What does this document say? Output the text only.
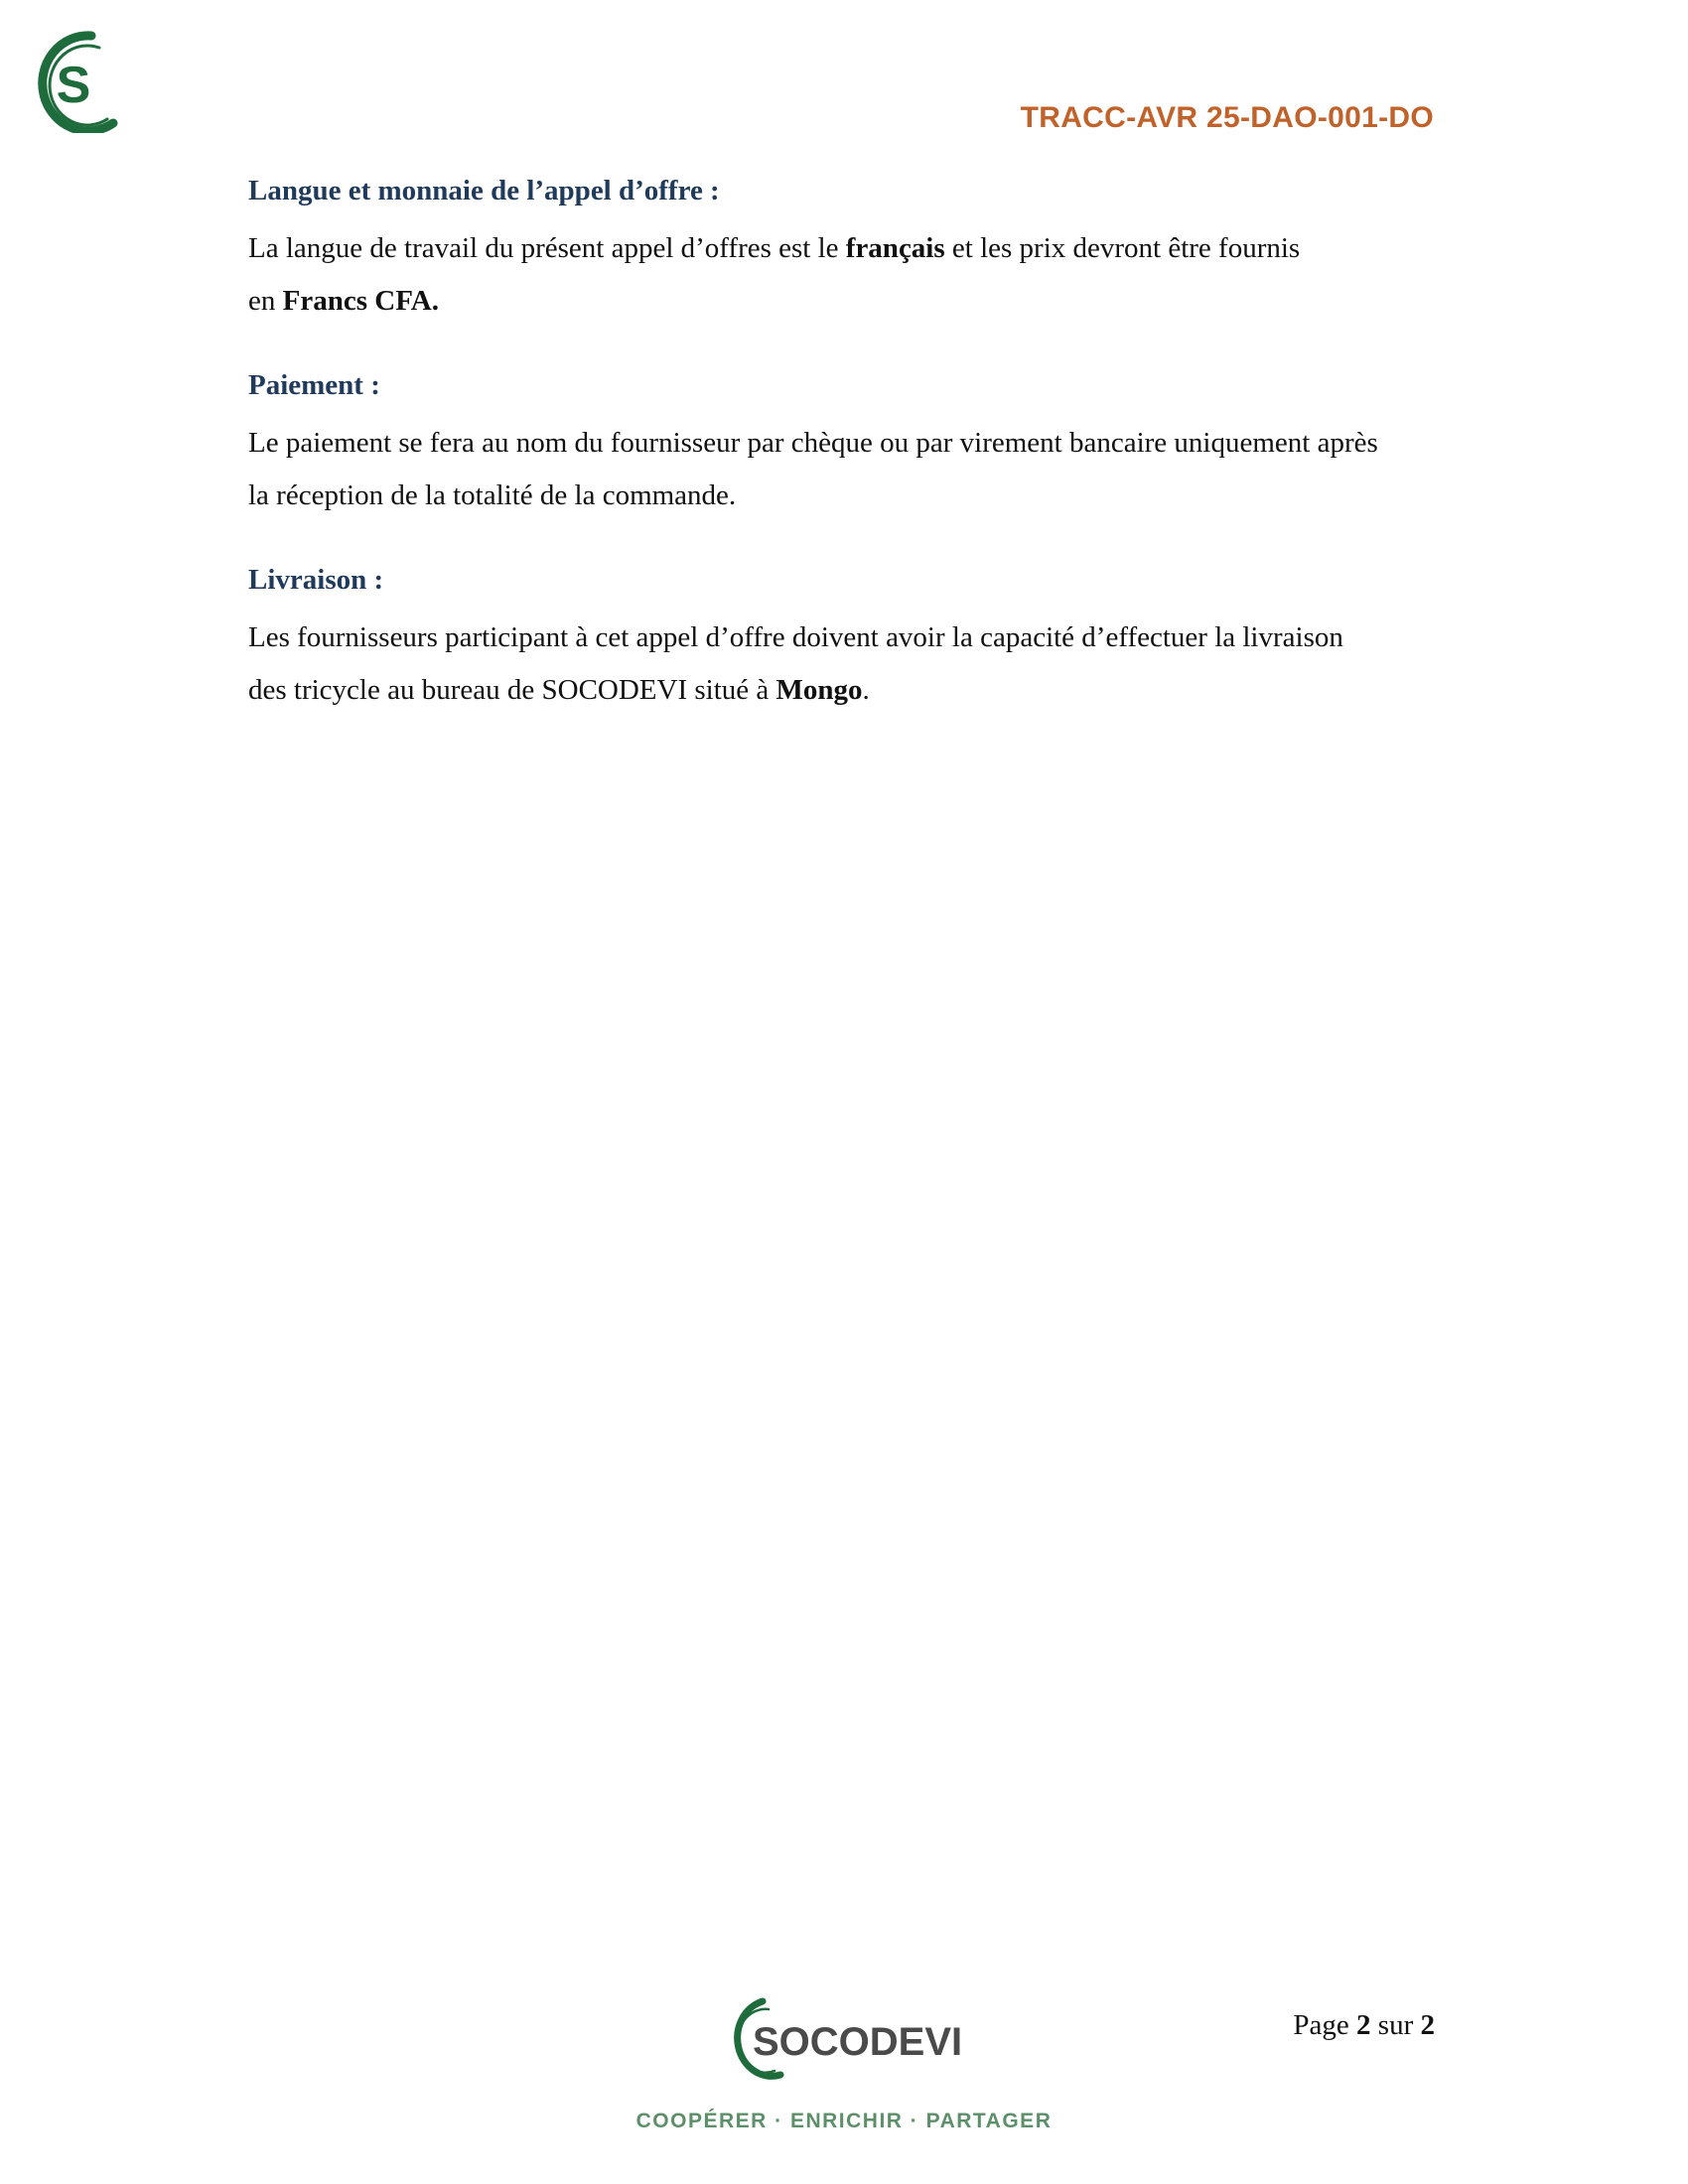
S
TRACC-AVR 25-DAO-001-DO
Langue et monnaie de l’appel d’offre :

La langue de travail du présent appel d’offres est le français et les prix devront être fournis
en Francs CFA.

Paiement :

Le paiement se fera au nom du fournisseur par chèque ou par virement bancaire uniquement après
la réception de la totalité de la commande.

Livraison :

Les fournisseurs participant à cet appel d’offre doivent avoir la capacité d’effectuer la livraison
des tricycle au bureau de SOCODEVI situé à Mongo.

Page 2 sur 2
SOCODEVI
COOPÉRER · ENRICHIR · PARTAGER
